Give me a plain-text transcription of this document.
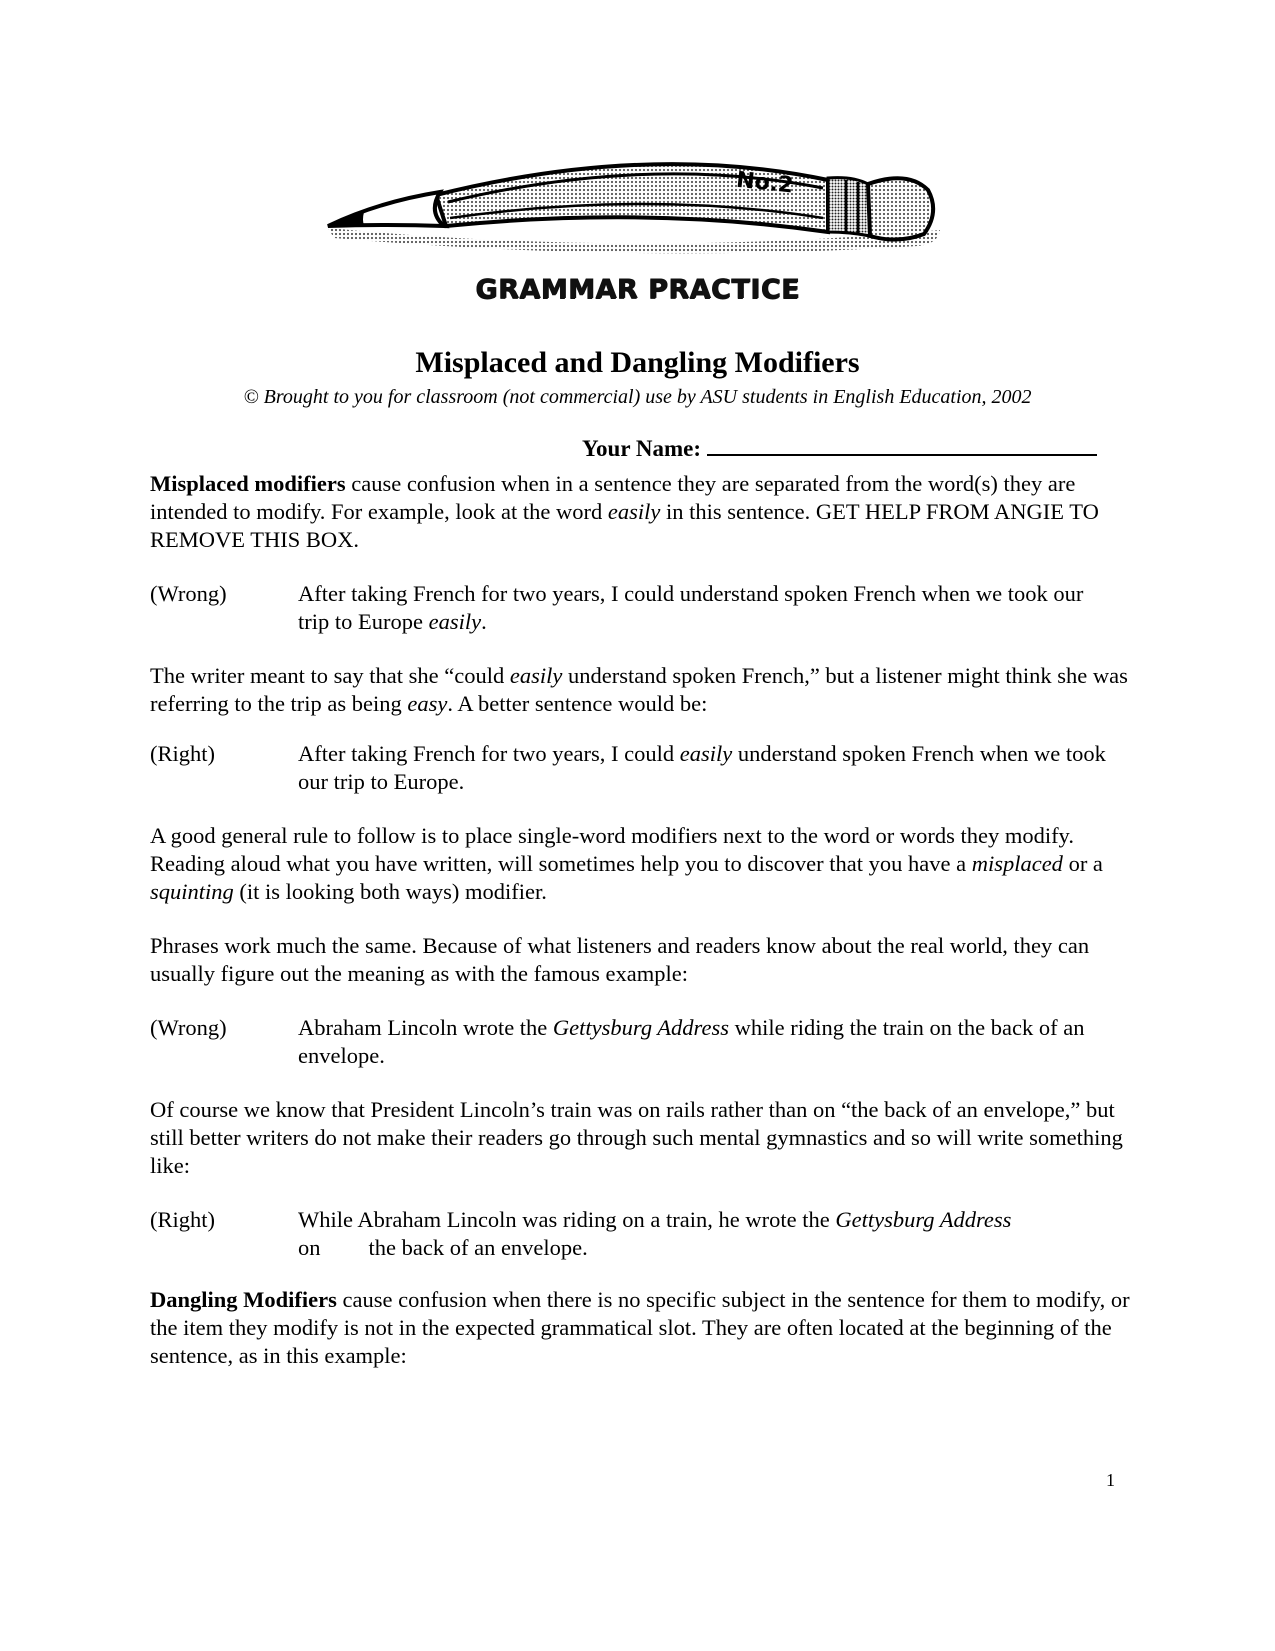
No.2
GRAMMAR PRACTICE
Misplaced and Dangling Modifiers
© Brought to you for classroom (not commercial) use by ASU students in English Education, 2002
Your Name:

Misplaced modifiers cause confusion when in a sentence they are separated from the word(s) they are intended to modify. For example, look at the word easily in this sentence. GET HELP FROM ANGIE TO REMOVE THIS BOX.

(Wrong)	After taking French for two years, I could understand spoken French when we took our trip to Europe easily.

The writer meant to say that she “could easily understand spoken French,” but a listener might think she was referring to the trip as being easy. A better sentence would be:

(Right)	After taking French for two years, I could easily understand spoken French when we took our trip to Europe.

A good general rule to follow is to place single-word modifiers next to the word or words they modify. Reading aloud what you have written, will sometimes help you to discover that you have a misplaced or a squinting (it is looking both ways) modifier.

Phrases work much the same. Because of what listeners and readers know about the real world, they can usually figure out the meaning as with the famous example:

(Wrong)	Abraham Lincoln wrote the Gettysburg Address while riding the train on the back of an envelope.

Of course we know that President Lincoln’s train was on rails rather than on “the back of an envelope,” but still better writers do not make their readers go through such mental gymnastics and so will write something like:

(Right)	While Abraham Lincoln was riding on a train, he wrote the Gettysburg Address
on the back of an envelope.

Dangling Modifiers cause confusion when there is no specific subject in the sentence for them to modify, or the item they modify is not in the expected grammatical slot. They are often located at the beginning of the sentence, as in this example:

1
